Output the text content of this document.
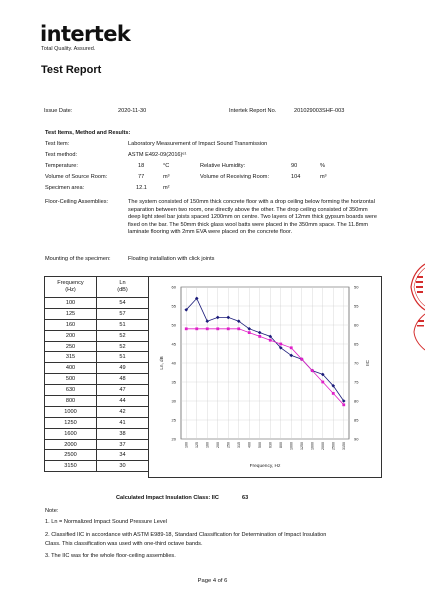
intertek
Total Quality. Assured.
Test Report
Issue Date:	2020-11-30	Intertek Report No.	201029003SHF-003
Test Items, Method and Results:
Test Item:	Laboratory Measurement of Impact Sound Transmission
Test method:	ASTM E492-09(2016)ᵉ¹
Temperature:	18	°C	Relative Humidity:	90	%
Volume of Source Room:	77	m³	Volume of Receiving Room:	104	m³
Specimen area:	12.1	m²
Floor-Ceiling Assemblies:	The system consisted of 150mm thick concrete floor with a drop ceiling below forming the horizontal separation between two room, one directly above the other. The drop ceiling consisted of 350mm deep light steel bar joists spaced 1200mm on centre. Two layers of 12mm thick gypsum boards were fixed on the bar. The 50mm thick glass wool batts were placed in the 350mm space. The 11.8mm laminate flooring with 2mm EVA were placed on the concrete floor.
Mounting of the specimen:	Floating installation with click joints
Frequency
(Hz)	Ln
(dB)
100	54
125	57
160	51
200	52
250	52
315	51
400	49
500	48
630	47
800	44
1000	42
1250	41
1600	38
2000	37
2500	34
3150	30
20	90
25	85
30	80
35	75
40	70
45	65
50	60
55	55
60	50
100 125 160 200 250 315 400 500 630 800 1000 1250 1600 2000 2500 3150
Ln, dB	IIC
Frequency, Hz
Calculated Impact Insulation Class: IIC	63
Note:
1. Ln = Normalized Impact Sound Pressure Level
2. Classified IIC in accordance with ASTM E989-18, Standard Classification for Determination of Impact Insulation
Class. This classification was used with one-third octave bands.
3. The IIC was for the whole floor-ceiling assemblies.
Page 4 of 6
